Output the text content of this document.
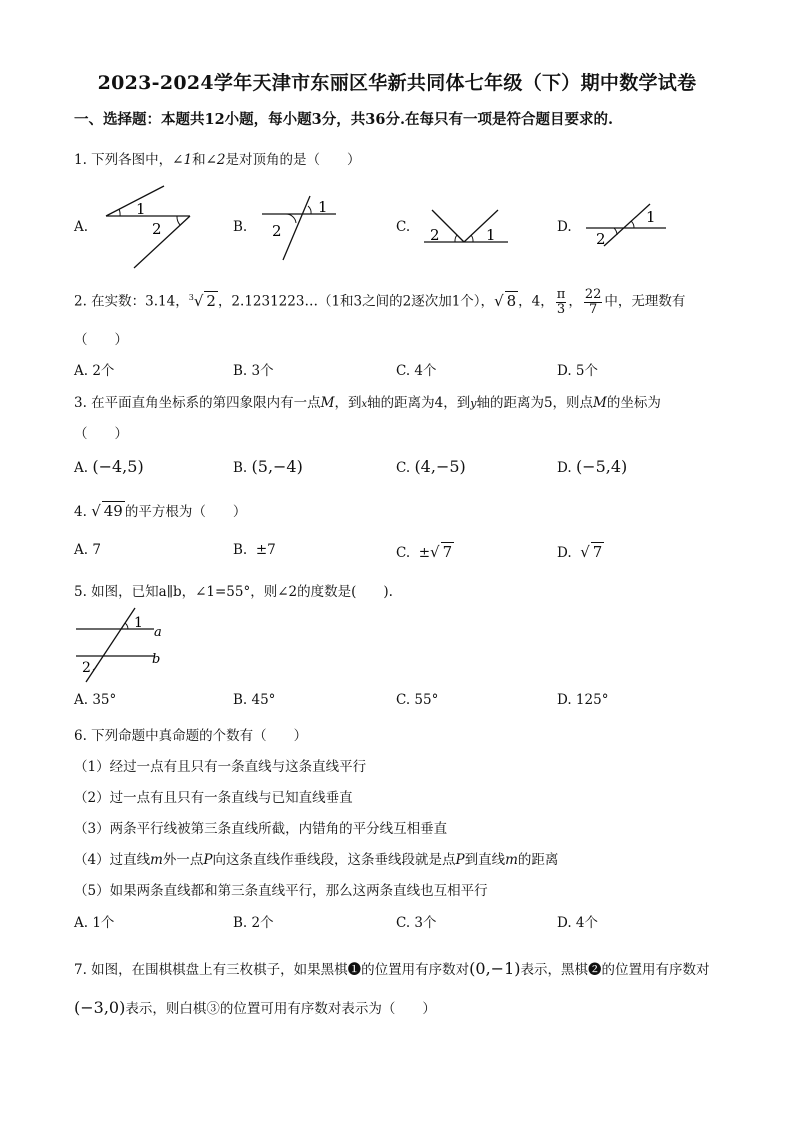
2023-2024学年天津市东丽区华新共同体七年级（下）期中数学试卷
一、选择题：本题共12小题，每小题3分，共36分.在每只有一项是符合题目要求的.
1. 下列各图中，∠1和∠2是对顶角的是（　　）
A.
1
2	B.
1
2	C. 2	1	D.
1
2
2. 在实数：3.14，$^3$√ 2 ，2.1231223…（1和3之间的2逐次加1个），√ 8 ，4， $\frac{\pi}{3}$ ， $\frac{22}{7}$ 中，无理数有
（　　）
A. 2个	B. 3个	C. 4个	D. 5个
3. 在平面直角坐标系的第四象限内有一点M，到x轴的距离为4，到y轴的距离为5，则点M的坐标为
（　　）
A. (−4,5)	B. (5,−4)	C. (4,−5)	D. (−5,4)
4. √ 49 的平方根为（　　）
A. 7	B. ±7	C. ±√ 7	D. √ 7
5. 如图，已知a∥b，∠1=55°，则∠2的度数是(　　).
1
a
2
b
A. 35°	B. 45°	C. 55°	D. 125°
6. 下列命题中真命题的个数有（　　）
（1）经过一点有且只有一条直线与这条直线平行
（2）过一点有且只有一条直线与已知直线垂直
（3）两条平行线被第三条直线所截，内错角的平分线互相垂直
（4）过直线m外一点P向这条直线作垂线段，这条垂线段就是点P到直线m的距离
（5）如果两条直线都和第三条直线平行，那么这两条直线也互相平行
A. 1个	B. 2个	C. 3个	D. 4个
7. 如图，在围棋棋盘上有三枚棋子，如果黑棋❶的位置用有序数对(0,−1)表示，黑棋❷的位置用有序数对
(−3,0)表示，则白棋③的位置可用有序数对表示为（　　）
